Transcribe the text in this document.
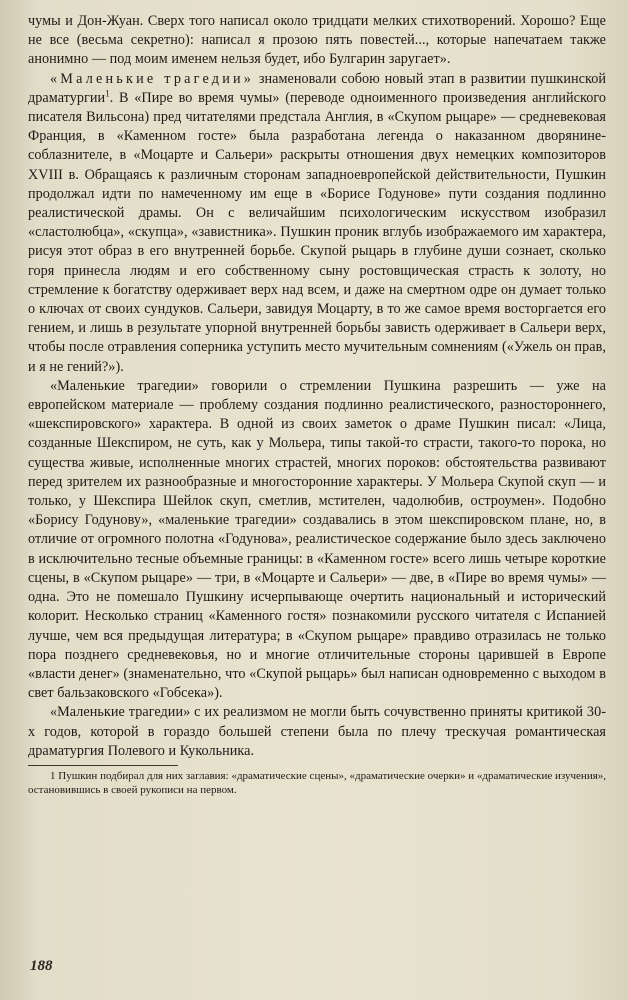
чумы и Дон-Жуан. Сверх того написал около тридцати мелких стихотворений. Хорошо? Еще не все (весьма секретно): написал я прозою пять повестей..., которые напечатаем также анонимно — под моим именем нельзя будет, ибо Булгарин заругает».

«Маленькие трагедии» знаменовали собою новый этап в развитии пушкинской драматургии$^1$. В «Пире во время чумы» (переводе одноименного произведения английского писателя Вильсона) пред читателями предстала Англия, в «Скупом рыцаре» — средневековая Франция, в «Каменном госте» была разработана легенда о наказанном дворянине-соблазнителе, в «Моцарте и Сальери» раскрыты отношения двух немецких композиторов XVIII в. Обращаясь к различным сторонам западноевропейской действительности, Пушкин продолжал идти по намеченному им еще в «Борисе Годунове» пути создания подлинно реалистической драмы. Он с величайшим психологическим искусством изобразил «сластолюбца», «скупца», «завистника». Пушкин проник вглубь изображаемого им характера, рисуя этот образ в его внутренней борьбе. Скупой рыцарь в глубине души сознает, сколько горя принесла людям и его собственному сыну ростовщическая страсть к золоту, но стремление к богатству одерживает верх над всем, и даже на смертном одре он думает только о ключах от своих сундуков. Сальери, завидуя Моцарту, в то же самое время восторгается его гением, и лишь в результате упорной внутренней борьбы зависть одерживает в Сальери верх, чтобы после отравления соперника уступить место мучительным сомнениям («Ужель он прав, и я не гений?»).

«Маленькие трагедии» говорили о стремлении Пушкина разрешить — уже на европейском материале — проблему создания подлинно реалистического, разностороннего, «шекспировского» характера. В одной из своих заметок о драме Пушкин писал: «Лица, созданные Шекспиром, не суть, как у Мольера, типы такой-то страсти, такого-то порока, но существа живые, исполненные многих страстей, многих пороков: обстоятельства развивают перед зрителем их разнообразные и многосторонние характеры. У Мольера Скупой скуп — и только, у Шекспира Шейлок скуп, сметлив, мстителен, чадолюбив, остроумен». Подобно «Борису Годунову», «маленькие трагедии» создавались в этом шекспировском плане, но, в отличие от огромного полотна «Годунова», реалистическое содержание было здесь заключено в исключительно тесные объемные границы: в «Каменном госте» всего лишь четыре короткие сцены, в «Скупом рыцаре» — три, в «Моцарте и Сальери» — две, в «Пире во время чумы» — одна. Это не помешало Пушкину исчерпывающе очертить национальный и исторический колорит. Несколько страниц «Каменного гостя» познакомили русского читателя с Испанией лучше, чем вся предыдущая литература; в «Скупом рыцаре» правдиво отразилась не только пора позднего средневековья, но и многие отличительные стороны царившей в Европе «власти денег» (знаменательно, что «Скупой рыцарь» был написан одновременно с выходом в свет бальзаковского «Гобсека»).

«Маленькие трагедии» с их реализмом не могли быть сочувственно приняты критикой 30-х годов, которой в гораздо большей степени была по плечу трескучая романтическая драматургия Полевого и Кукольника.

1 Пушкин подбирал для них заглавия: «драматические сцены», «драматические очерки» и «драматические изучения», остановившись в своей рукописи на первом.

188
